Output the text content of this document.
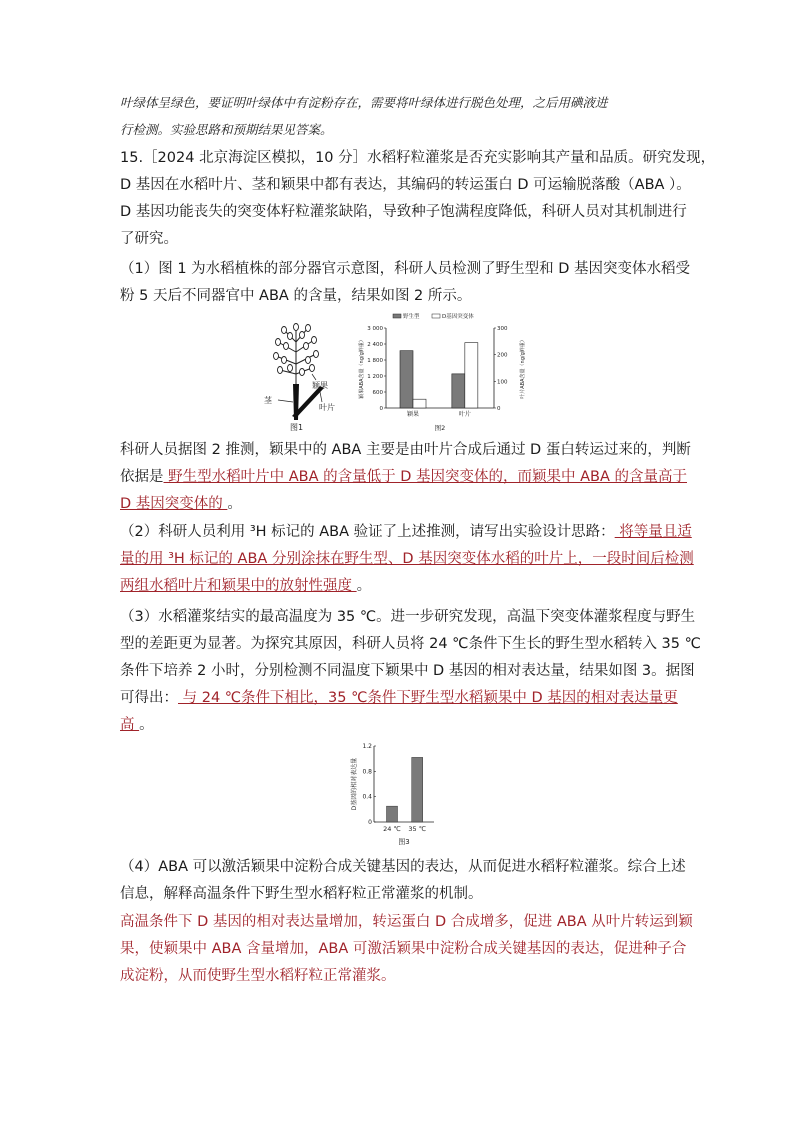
叶绿体呈绿色，要证明叶绿体中有淀粉存在，需要将叶绿体进行脱色处理，之后用碘液进
行检测。实验思路和预期结果见答案。
15.［2024 北京海淀区模拟，10 分］水稻籽粒灌浆是否充实影响其产量和品质。研究发现，
D 基因在水稻叶片、茎和颖果中都有表达，其编码的转运蛋白 D 可运输脱落酸（ABA ）。
D 基因功能丧失的突变体籽粒灌浆缺陷，导致种子饱满程度降低，科研人员对其机制进行
了研究。
（1）图 1 为水稻植株的部分器官示意图，科研人员检测了野生型和 D 基因突变体水稻受
粉 5 天后不同器官中 ABA 的含量，结果如图 2 所示。
茎
颖果
叶片
图1
0
600
1 200
1 800
2 400
3 000
0
100
200
300
颖果ABA含量（ng/g鲜重）	叶片ABA含量（ng/g鲜重）
野生型	D基因突变体
颖果	叶片
图2
科研人员据图 2 推测，颖果中的 ABA 主要是由叶片合成后通过 D 蛋白转运过来的，判断
依据是 野生型水稻叶片中 ABA 的含量低于 D 基因突变体的，而颖果中 ABA 的含量高于
D 基因突变体的 。
（2）科研人员利用 ³H 标记的 ABA 验证了上述推测，请写出实验设计思路： 将等量且适
量的用 ³H 标记的 ABA 分别涂抹在野生型、D 基因突变体水稻的叶片上，一段时间后检测
两组水稻叶片和颖果中的放射性强度 。
（3）水稻灌浆结实的最高温度为 35 ℃。进一步研究发现，高温下突变体灌浆程度与野生
型的差距更为显著。为探究其原因，科研人员将 24 ℃条件下生长的野生型水稻转入 35 ℃
条件下培养 2 小时，分别检测不同温度下颖果中 D 基因的相对表达量，结果如图 3。据图
可得出： 与 24 ℃条件下相比，35 ℃条件下野生型水稻颖果中 D 基因的相对表达量更
高 。
0
0.4
0.8
1.2
D基因的相对表达量
24 ℃ 35 ℃
图3
（4）ABA 可以激活颖果中淀粉合成关键基因的表达，从而促进水稻籽粒灌浆。综合上述
信息，解释高温条件下野生型水稻籽粒正常灌浆的机制。
高温条件下 D 基因的相对表达量增加，转运蛋白 D 合成增多，促进 ABA 从叶片转运到颖
果，使颖果中 ABA 含量增加，ABA 可激活颖果中淀粉合成关键基因的表达，促进种子合
成淀粉，从而使野生型水稻籽粒正常灌浆。
